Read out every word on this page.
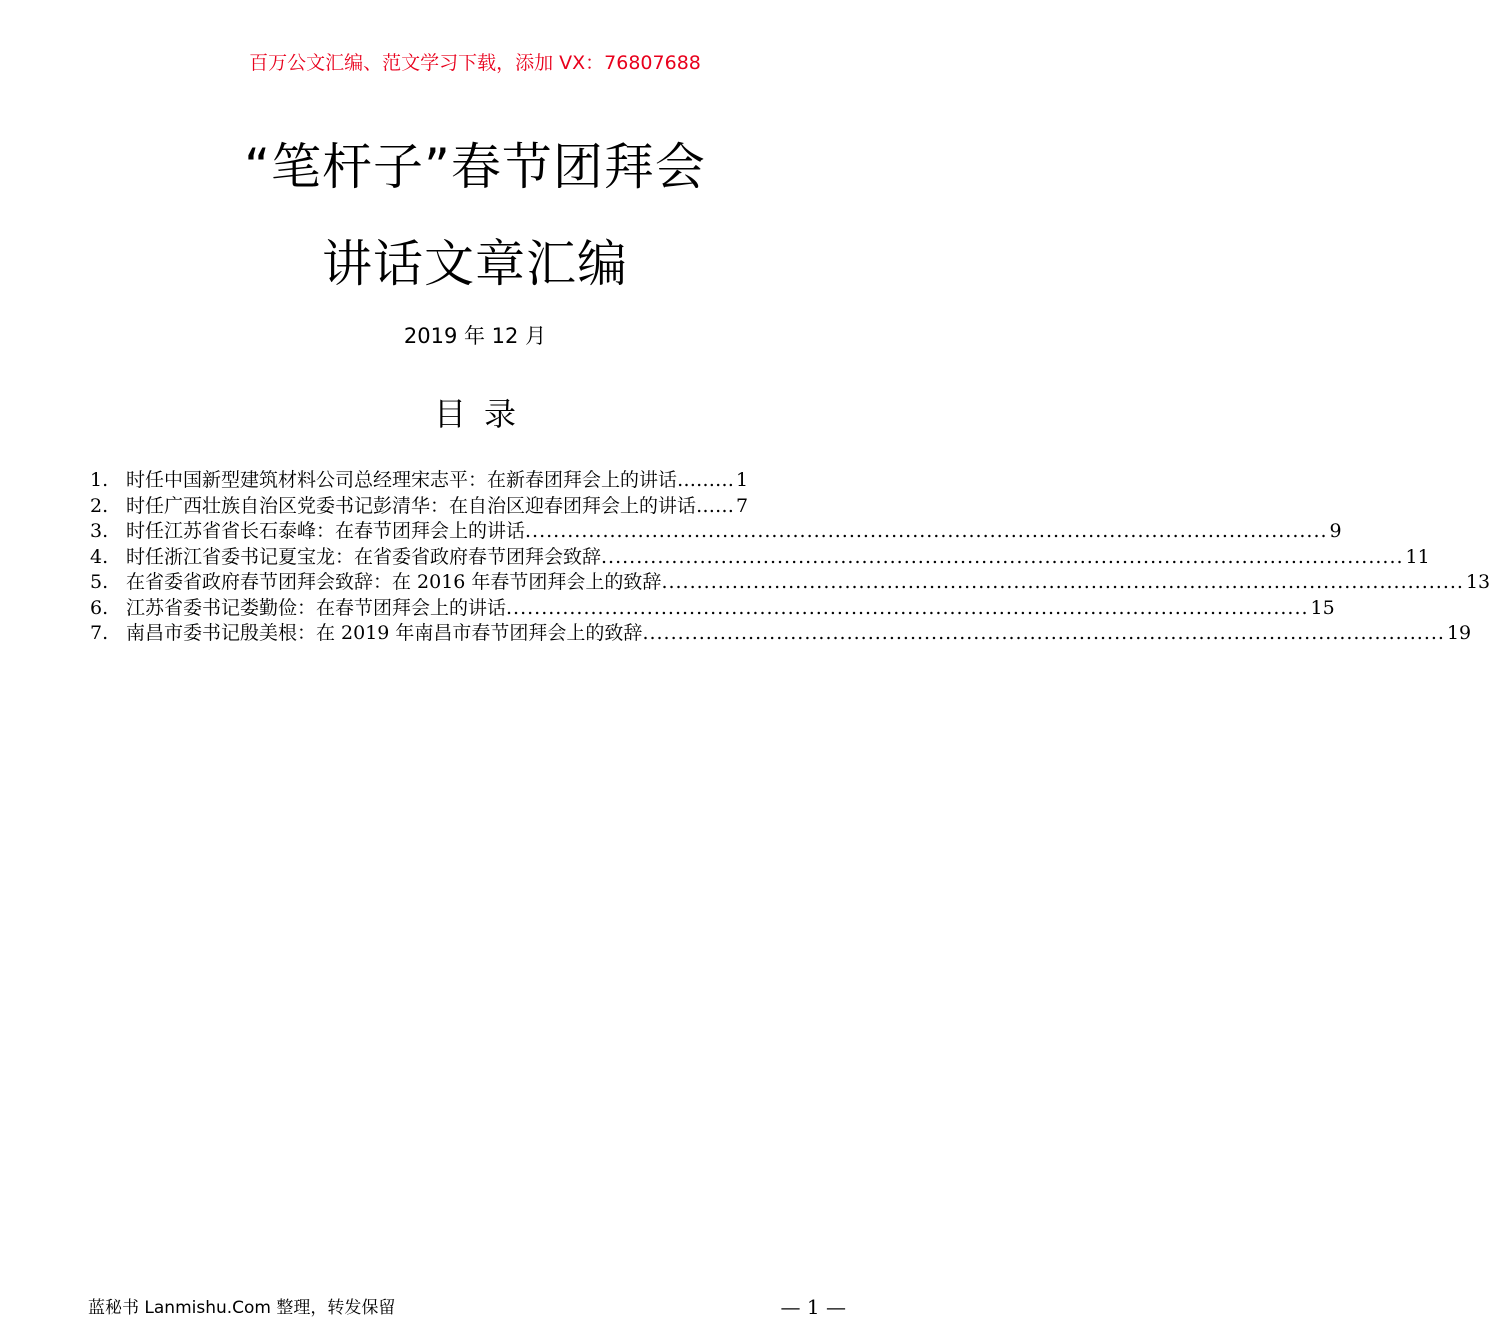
百万公文汇编、范文学习下载，添加 VX：76807688
“笔杆子”春节团拜会
讲话文章汇编
2019 年 12 月
目录
1. 时任中国新型建筑材料公司总经理宋志平：在新春团拜会上的讲话 ……… 1
2. 时任广西壮族自治区党委书记彭清华：在自治区迎春团拜会上的讲话 …… 7
3. 时任江苏省省长石泰峰：在春节团拜会上的讲话 .....	9
4. 时任浙江省委书记夏宝龙：在省委省政府春节团拜会致辞 .....	11
5. 在省委省政府春节团拜会致辞：在 2016 年春节团拜会上的致辞 .....	13
6. 江苏省委书记娄勤俭：在春节团拜会上的讲话 .....	15
7. 南昌市委书记殷美根：在 2019 年南昌市春节团拜会上的致辞 .....	19
蓝秘书 Lanmishu.Com 整理，转发保留	— 1 —
